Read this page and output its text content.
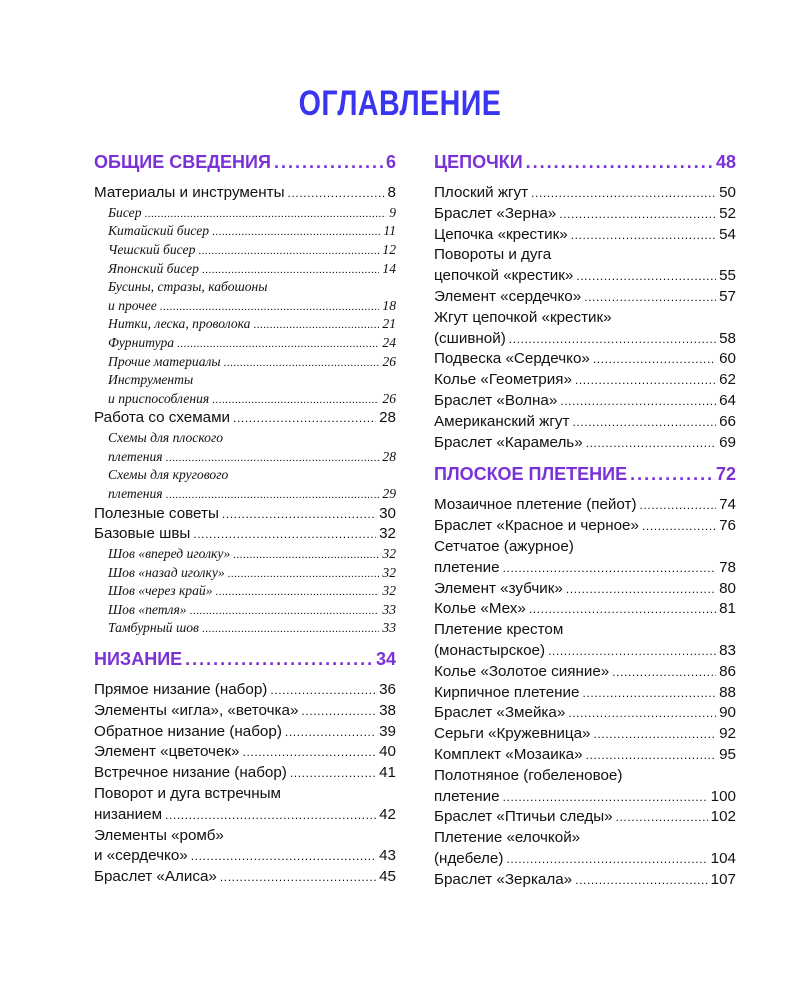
ОГЛАВЛЕНИЕ
ОБЩИЕ СВЕДЕНИЯ .....	6
Материалы и инструменты .....	8
Бисер .....	9
Китайский бисер .....	11
Чешский бисер .....	12
Японский бисер .....	14
Бусины, стразы, кабошоны
и прочее .....	18
Нитки, леска, проволока .....	21
Фурнитура .....	24
Прочие материалы .....	26
Инструменты
и приспособления .....	26
Работа со схемами .....	28
Схемы для плоского
плетения .....	28
Схемы для кругового
плетения .....	29
Полезные советы .....	30
Базовые швы .....	32
Шов «вперед иголку» .....	32
Шов «назад иголку» .....	32
Шов «через край» .....	32
Шов «петля» .....	33
Тамбурный шов .....	33
НИЗАНИЕ .....	34
Прямое низание (набор) .....	36
Элементы «игла», «веточка» .....	38
Обратное низание (набор) .....	39
Элемент «цветочек» .....	40
Встречное низание (набор) .....	41
Поворот и дуга встречным
низанием .....	42
Элементы «ромб»
и «сердечко» .....	43
Браслет «Алиса» .....	45
ЦЕПОЧКИ .....	48
Плоский жгут .....	50
Браслет «Зерна» .....	52
Цепочка «крестик» .....	54
Повороты и дуга
цепочкой «крестик» .....	55
Элемент «сердечко» .....	57
Жгут цепочкой «крестик»
(сшивной) .....	58
Подвеска «Сердечко» .....	60
Колье «Геометрия» .....	62
Браслет «Волна» .....	64
Американский жгут .....	66
Браслет «Карамель» .....	69
ПЛОСКОЕ ПЛЕТЕНИЕ .....	72
Мозаичное плетение (пейот) .....	74
Браслет «Красное и черное» .....	76
Сетчатое (ажурное)
плетение .....	78
Элемент «зубчик» .....	80
Колье «Мех» .....	81
Плетение крестом
(монастырское) .....	83
Колье «Золотое сияние» .....	86
Кирпичное плетение .....	88
Браслет «Змейка» .....	90
Серьги «Кружевница» .....	92
Комплект «Мозаика» .....	95
Полотняное (гобеленовое)
плетение .....	100
Браслет «Птичьи следы» .....	102
Плетение «елочкой»
(ндебеле) .....	104
Браслет «Зеркала» .....	107
